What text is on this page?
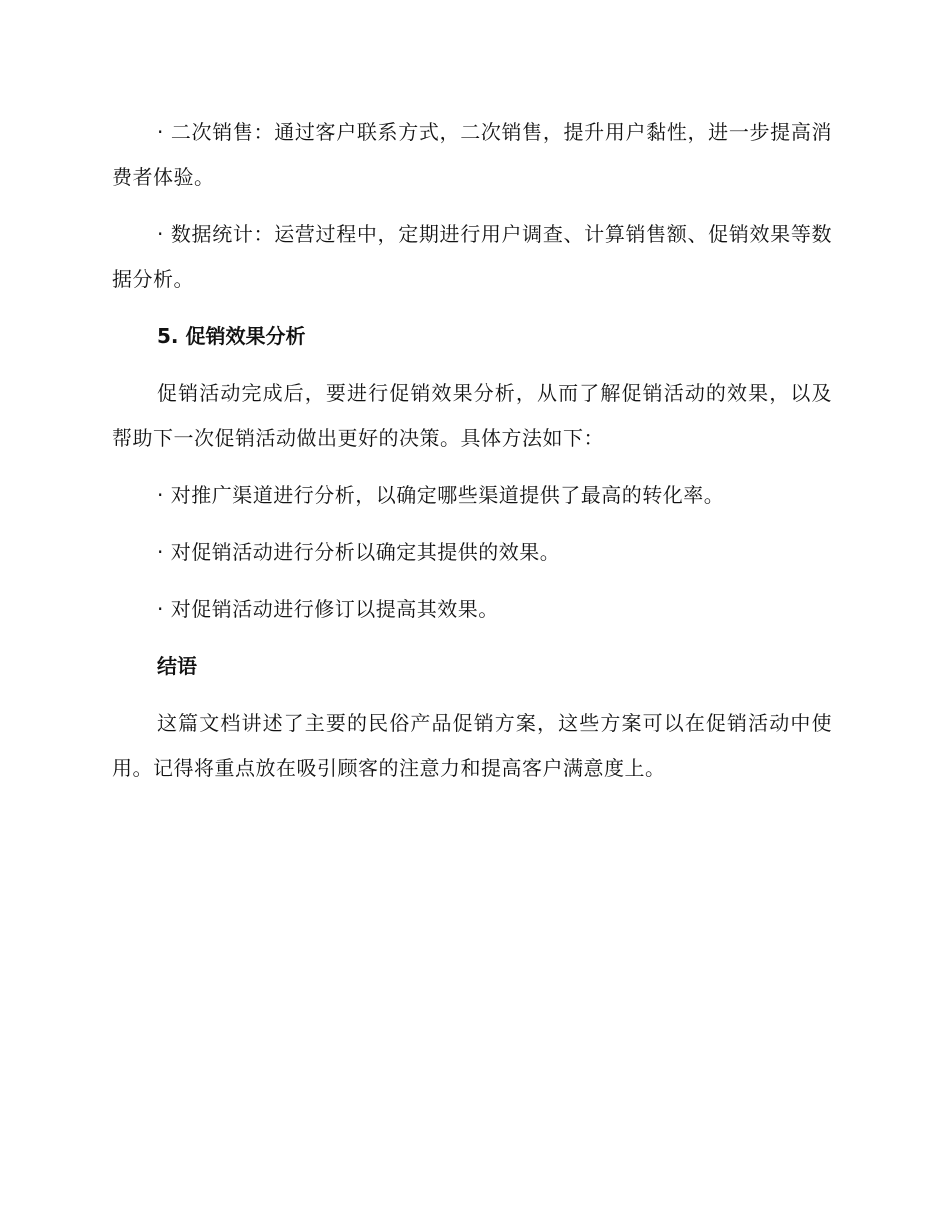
· 二次销售：通过客户联系方式，二次销售，提升用户黏性，进一步提高消费者体验。

· 数据统计：运营过程中，定期进行用户调查、计算销售额、促销效果等数据分析。

5. 促销效果分析

促销活动完成后，要进行促销效果分析，从而了解促销活动的效果，以及帮助下一次促销活动做出更好的决策。具体方法如下：

· 对推广渠道进行分析，以确定哪些渠道提供了最高的转化率。

· 对促销活动进行分析以确定其提供的效果。

· 对促销活动进行修订以提高其效果。

结语

这篇文档讲述了主要的民俗产品促销方案，这些方案可以在促销活动中使用。记得将重点放在吸引顾客的注意力和提高客户满意度上。
